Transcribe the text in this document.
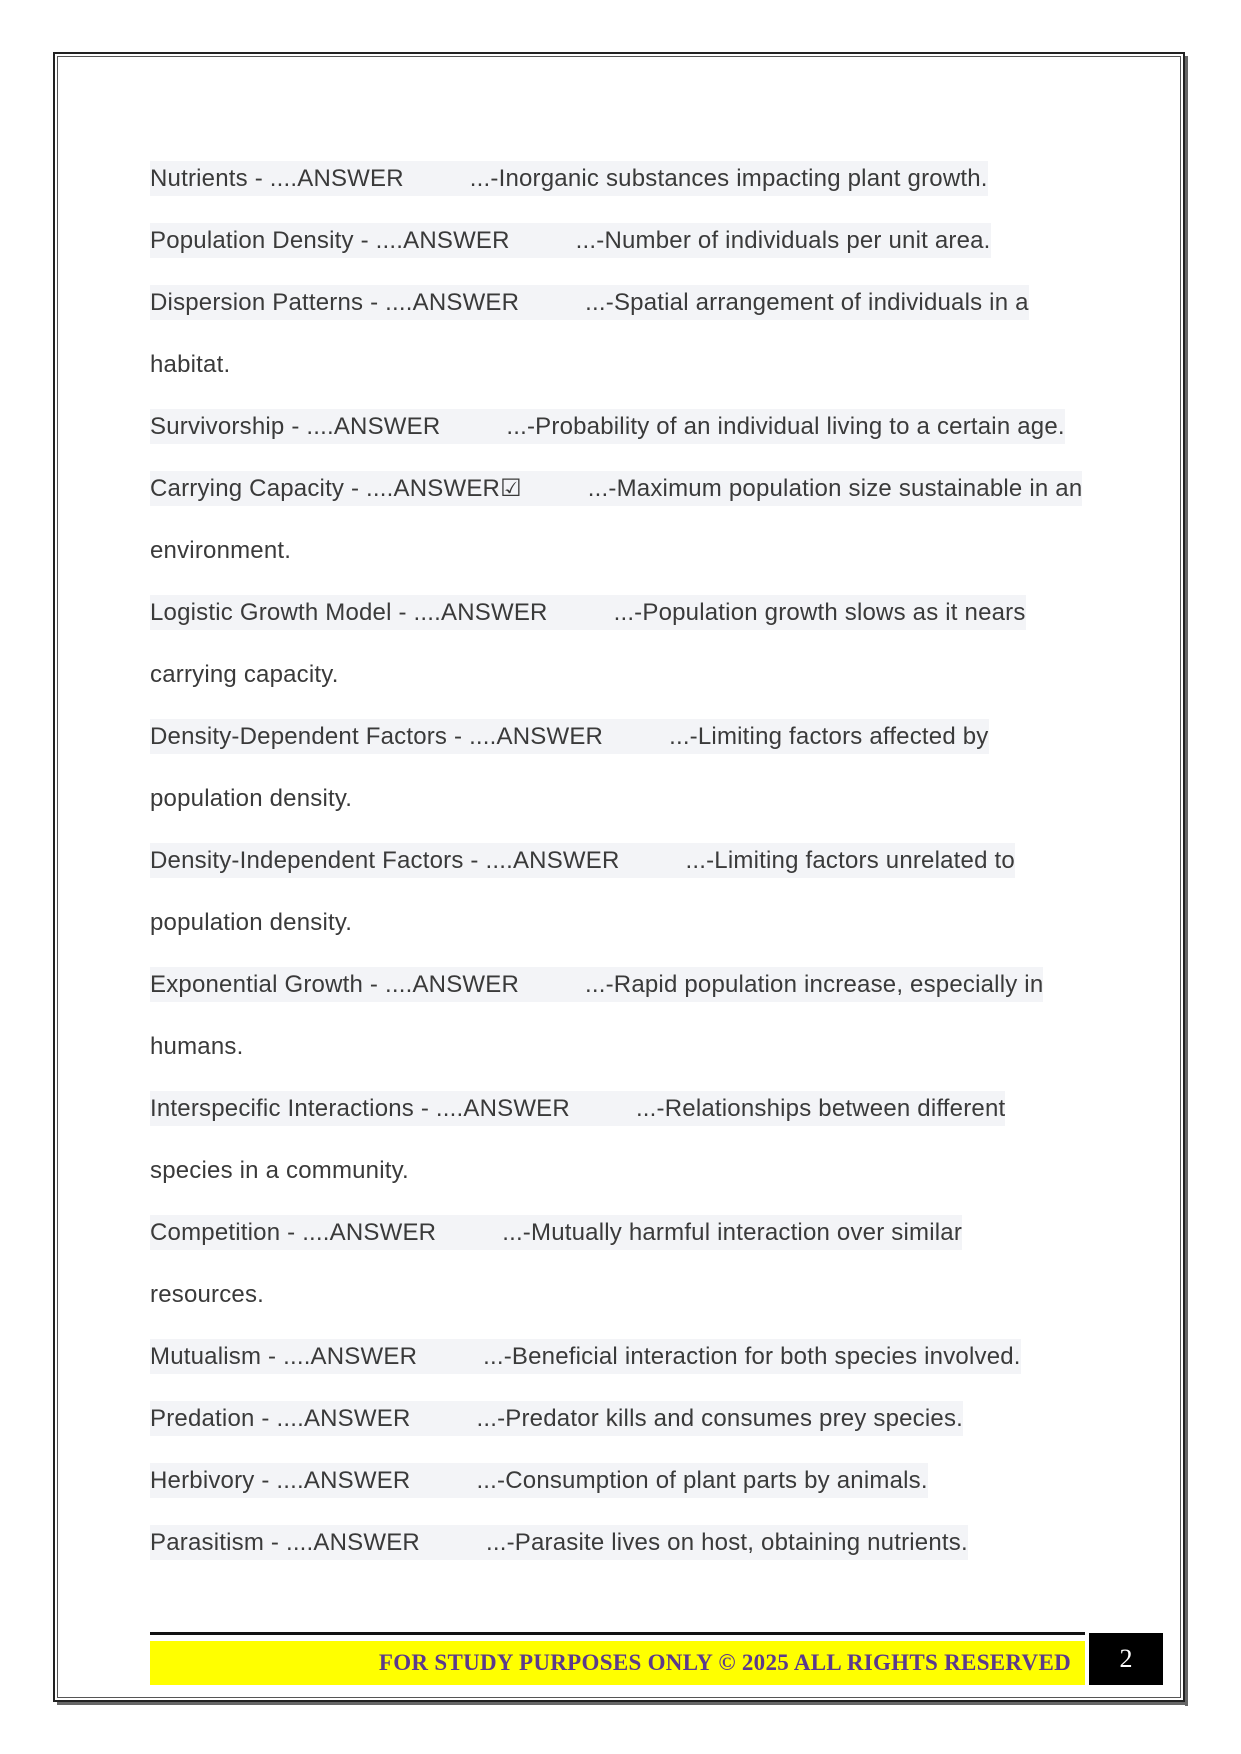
Nutrients - ....ANSWER	...-Inorganic substances impacting plant growth.
Population Density - ....ANSWER	...-Number of individuals per unit area.
Dispersion Patterns - ....ANSWER	...-Spatial arrangement of individuals in a
habitat.
Survivorship - ....ANSWER	...-Probability of an individual living to a certain age.
Carrying Capacity - ....ANSWER☑	...-Maximum population size sustainable in an
environment.
Logistic Growth Model - ....ANSWER	...-Population growth slows as it nears
carrying capacity.
Density-Dependent Factors - ....ANSWER	...-Limiting factors affected by
population density.
Density-Independent Factors - ....ANSWER	...-Limiting factors unrelated to
population density.
Exponential Growth - ....ANSWER	...-Rapid population increase, especially in
humans.
Interspecific Interactions - ....ANSWER	...-Relationships between different
species in a community.
Competition - ....ANSWER	...-Mutually harmful interaction over similar
resources.
Mutualism - ....ANSWER	...-Beneficial interaction for both species involved.
Predation - ....ANSWER	...-Predator kills and consumes prey species.
Herbivory - ....ANSWER	...-Consumption of plant parts by animals.
Parasitism - ....ANSWER	...-Parasite lives on host, obtaining nutrients.
FOR STUDY PURPOSES ONLY © 2025 ALL RIGHTS RESERVED	2
